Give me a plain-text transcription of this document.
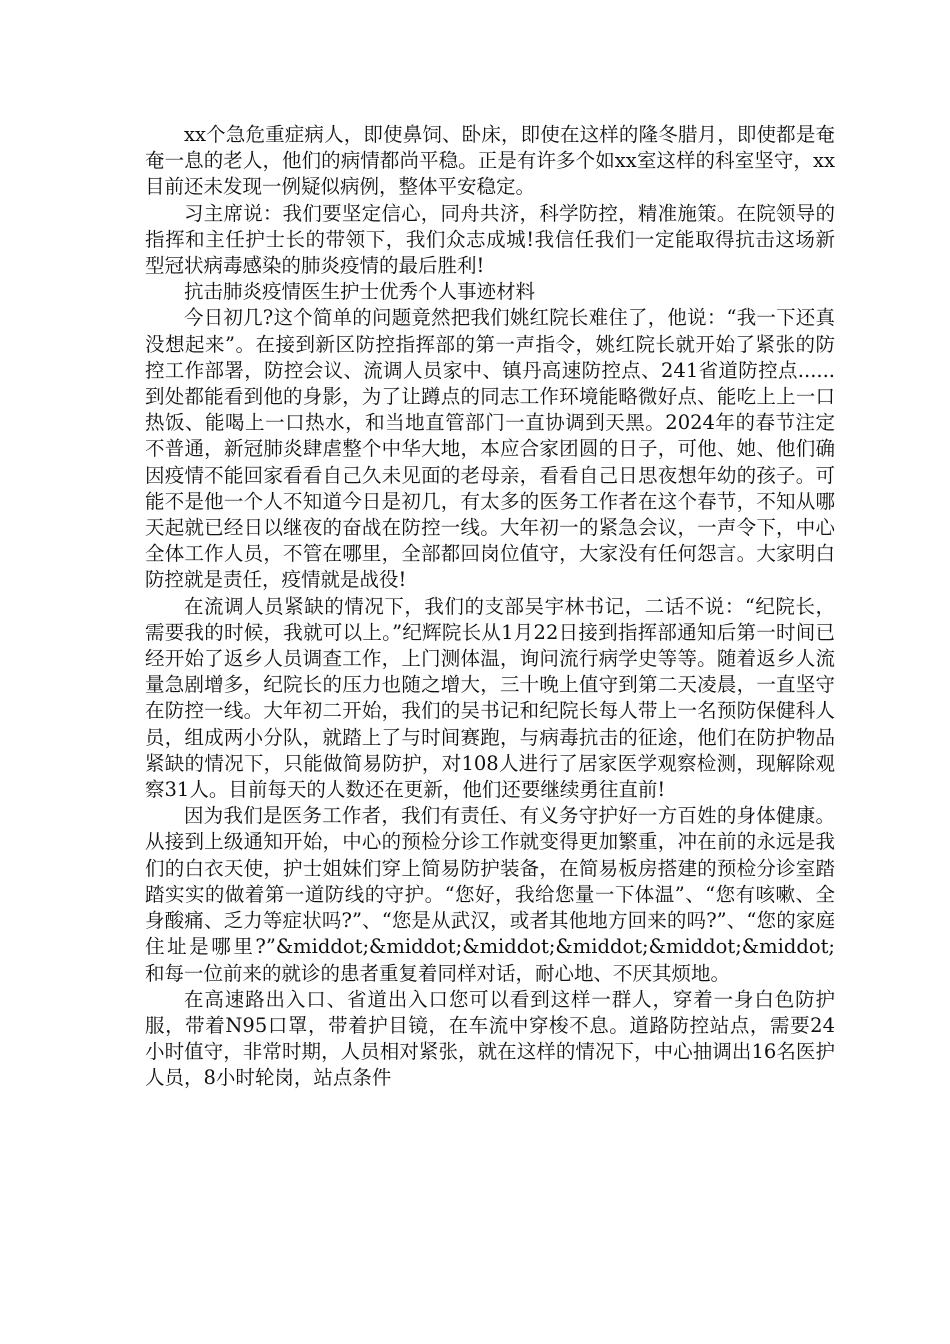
xx个急危重症病人，即使鼻饲、卧床，即使在这样的隆冬腊月，即使都是奄奄一息的老人，他们的病情都尚平稳。正是有许多个如xx室这样的科室坚守，xx目前还未发现一例疑似病例，整体平安稳定。

习主席说：我们要坚定信心，同舟共济，科学防控，精准施策。在院领导的指挥和主任护士长的带领下，我们众志成城!我信任我们一定能取得抗击这场新型冠状病毒感染的肺炎疫情的最后胜利!

抗击肺炎疫情医生护士优秀个人事迹材料

今日初几?这个简单的问题竟然把我们姚红院长难住了，他说：“我一下还真没想起来”。在接到新区防控指挥部的第一声指令，姚红院长就开始了紧张的防控工作部署，防控会议、流调人员家中、镇丹高速防控点、241省道防控点......到处都能看到他的身影，为了让蹲点的同志工作环境能略微好点、能吃上上一口热饭、能喝上一口热水，和当地直管部门一直协调到天黑。2024年的春节注定不普通，新冠肺炎肆虐整个中华大地，本应合家团圆的日子，可他、她、他们确因疫情不能回家看看自己久未见面的老母亲，看看自己日思夜想年幼的孩子。可能不是他一个人不知道今日是初几，有太多的医务工作者在这个春节，不知从哪天起就已经日以继夜的奋战在防控一线。大年初一的紧急会议，一声令下，中心全体工作人员，不管在哪里，全部都回岗位值守，大家没有任何怨言。大家明白防控就是责任，疫情就是战役!

在流调人员紧缺的情况下，我们的支部吴宇林书记，二话不说：“纪院长，需要我的时候，我就可以上。”纪辉院长从1月22日接到指挥部通知后第一时间已经开始了返乡人员调查工作，上门测体温，询问流行病学史等等。随着返乡人流量急剧增多，纪院长的压力也随之增大，三十晚上值守到第二天凌晨，一直坚守在防控一线。大年初二开始，我们的吴书记和纪院长每人带上一名预防保健科人员，组成两小分队，就踏上了与时间赛跑，与病毒抗击的征途，他们在防护物品紧缺的情况下，只能做简易防护，对108人进行了居家医学观察检测，现解除观察31人。目前每天的人数还在更新，他们还要继续勇往直前!

因为我们是医务工作者，我们有责任、有义务守护好一方百姓的身体健康。从接到上级通知开始，中心的预检分诊工作就变得更加繁重，冲在前的永远是我们的白衣天使，护士姐妹们穿上简易防护装备，在简易板房搭建的预检分诊室踏踏实实的做着第一道防线的守护。“您好，我给您量一下体温”、“您有咳嗽、全身酸痛、乏力等症状吗?”、“您是从武汉，或者其他地方回来的吗?”、“您的家庭住址是哪里?”&middot;&middot;&middot;&middot;&middot;&middot;和每一位前来的就诊的患者重复着同样对话，耐心地、不厌其烦地。

在高速路出入口、省道出入口您可以看到这样一群人，穿着一身白色防护服，带着N95口罩，带着护目镜，在车流中穿梭不息。道路防控站点，需要24小时值守，非常时期，人员相对紧张，就在这样的情况下，中心抽调出16名医护人员，8小时轮岗，站点条件
